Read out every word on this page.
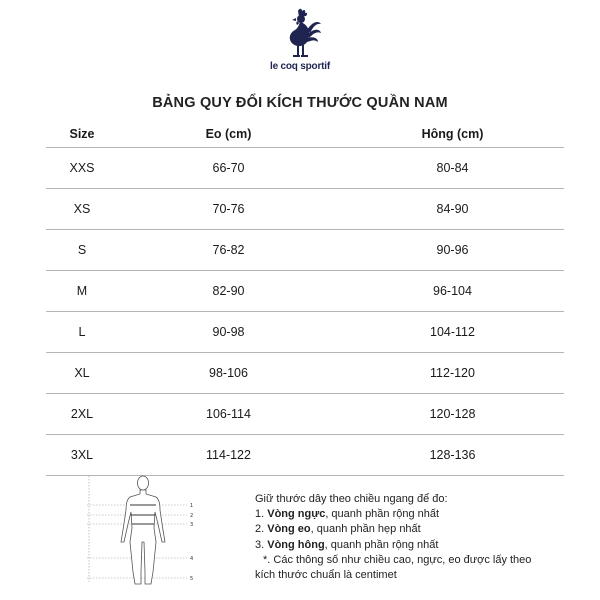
le coq sportif
BẢNG QUY ĐỔI KÍCH THƯỚC QUẦN NAM
Size	Eo (cm)	Hông (cm)
XXS	66-70	80-84
XS	70-76	84-90
S	76-82	90-96
M	82-90	96-104
L	90-98	104-112
XL	98-106	112-120
2XL	106-114	120-128
3XL	114-122	128-136
1
2
3
4
5
Giữ thước dây theo chiều ngang để đo:
1. Vòng ngực, quanh phần rộng nhất
2. Vòng eo, quanh phần hẹp nhất
3. Vòng hông, quanh phần rộng nhất
*. Các thông số như chiều cao, ngực, eo được lấy theo
kích thước chuẩn là centimet
